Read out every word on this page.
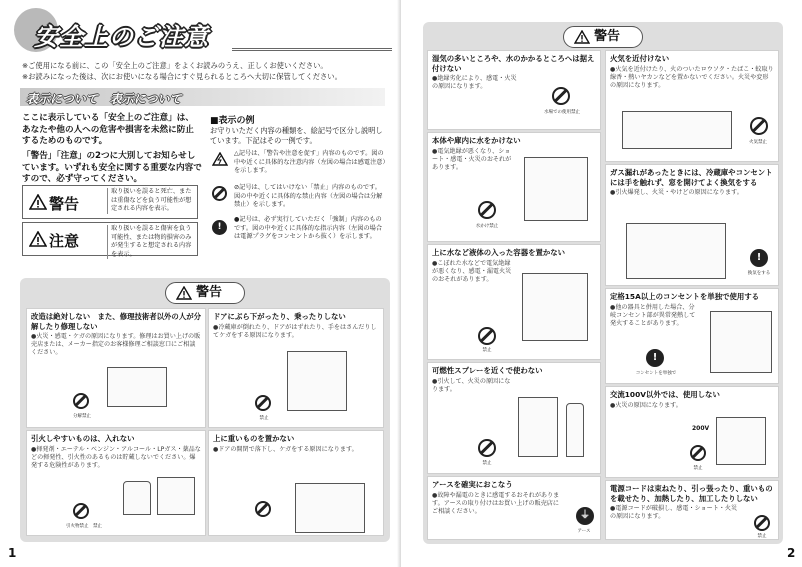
安全上のご注意
※ご使用になる前に、この「安全上のご注意」をよくお読みのうえ、正しくお使いください。
※お読みになった後は、次にお使いになる場合にすぐ見られるところへ大切に保管してください。
表示について　表示について
ここに表示している「安全上のご注意」は、あなたや他の人への危害や損害を未然に防止するためのものです。
「警告」「注意」の2つに大別してお知らせしています。いずれも安全に関する重要な内容ですので、必ず守ってください。
警告
取り扱いを誤ると死亡、または重傷などを負う可能性が想定される内容を表示。
注意
取り扱いを誤ると傷害を負う可能性、または物的損害のみが発生すると想定される内容を表示。
■表示の例
お守りいただく内容の種類を、絵記号で区分し説明しています。下記はその一例です。
△記号は、「警告や注意を促す」内容のものです。図の中や近くに具体的な注意内容（左図の場合は感電注意）を示します。
⊘記号は、してはいけない「禁止」内容のものです。図の中や近くに具体的な禁止内容（左図の場合は分解禁止）を示します。
!
●記号は、必ず実行していただく「強制」内容のものです。図の中や近くに具体的な指示内容（左図の場合は電源プラグをコンセントから抜く）を示します。
警告
改造は絶対しない　また、修理技術者以外の人が分解したり修理しない

●火災・感電・ケガの原因になります。修理はお買い上げの販売店または、メーカー指定のお客様修理ご相談窓口にご相談ください。

分解禁止
ドアにぶら下がったり、乗ったりしない

●冷蔵庫が倒れたり、ドアがはずれたり、手をはさんだりしてケガをする原因になります。

禁止
引火しやすいものは、入れない

●揮発剤・エーテル・ベンジン・アルコール・LPガス・薬品などの揮発性、引火性のあるものは貯蔵しないでください。爆発する危険性があります。

引火物禁止　禁止
上に重いものを置かない

●ドアの開閉で落下し、ケガをする原因になります。

1
警告
湿気の多いところや、水のかかるところへは据え付けない

●絶縁劣化により、感電・火災の原因になります。

水場での使用禁止
本体や庫内に水をかけない

●電気絶縁が悪くなり、ショート・感電・火災のおそれがあります。

水かけ禁止
上に水など液体の入った容器を置かない

●こぼれた水などで電気絶縁が悪くなり、感電・漏電火災のおそれがあります。

禁止
可燃性スプレーを近くで使わない

●引火して、火災の原因になります。

禁止
アースを確実におこなう

●故障や漏電のときに感電するおそれがあります。アースの取り付けはお買い上げの販売店にご相談ください。	⏚
アース
火気を近付けない

●火気を近付けたり、火のついたロウソク・たばこ・蚊取り線香・熱いヤカンなどを置かないでください。火災や変形の原因になります。

火気禁止
ガス漏れがあったときには、冷蔵庫やコンセントには手を触れず、窓を開けてよく換気をする

●引火爆発し、火災・やけどの原因になります。

!
換気をする
定格15A以上のコンセントを単独で使用する

●他の器具と併用した場合、分岐コンセント部が異常発熱して発火することがあります。

!
コンセントを単独で
交流100V以外では、使用しない

●火災の原因になります。

200V
禁止
電源コードは束ねたり、引っ張ったり、重いものを載せたり、加熱したり、加工したりしない

●電源コードが破損し、感電・ショート・火災の原因になります。

禁止
2
